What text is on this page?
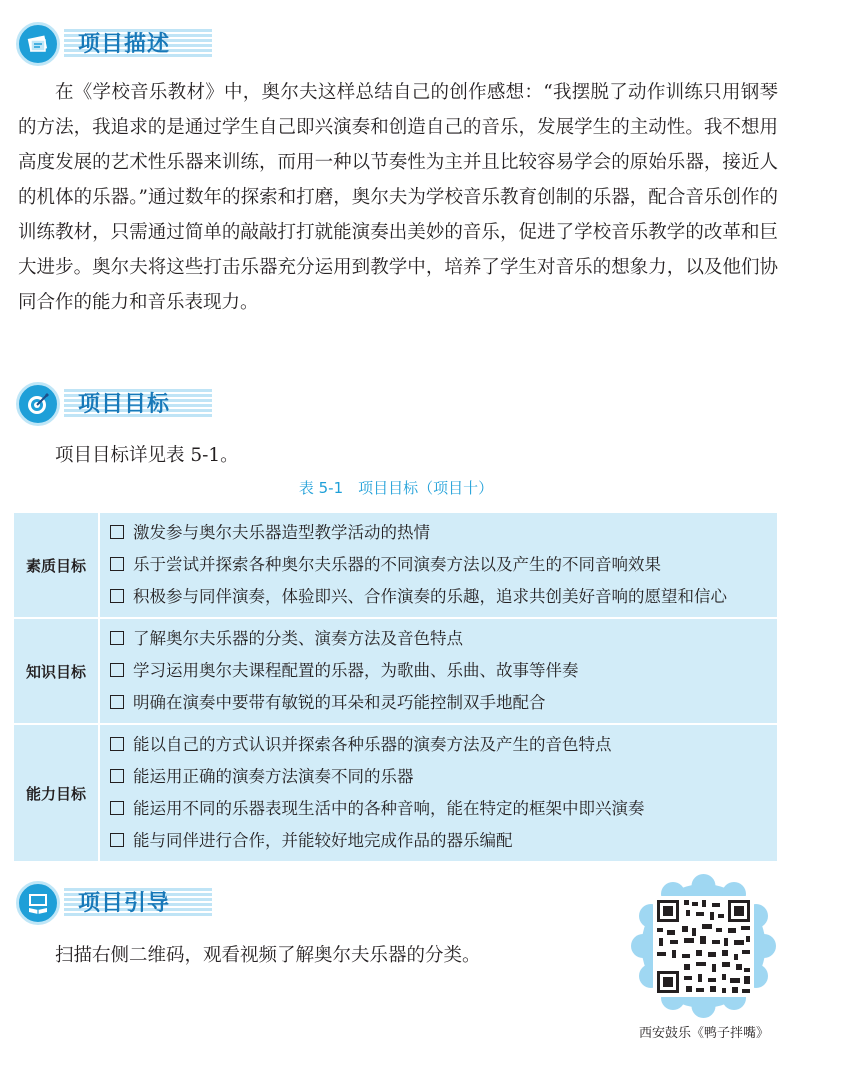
项目描述

在《学校音乐教材》中，奥尔夫这样总结自己的创作感想：“我摆脱了动作训练只用钢琴的方法，我追求的是通过学生自己即兴演奏和创造自己的音乐，发展学生的主动性。我不想用高度发展的艺术性乐器来训练，而用一种以节奏性为主并且比较容易学会的原始乐器，接近人的机体的乐器。”通过数年的探索和打磨，奥尔夫为学校音乐教育创制的乐器，配合音乐创作的训练教材，只需通过简单的敲敲打打就能演奏出美妙的音乐，促进了学校音乐教学的改革和巨大进步。奥尔夫将这些打击乐器充分运用到教学中，培养了学生对音乐的想象力，以及他们协同合作的能力和音乐表现力。

项目目标

项目目标详见表 5-1。

表 5-1　项目目标（项目十）
素质目标	激发参与奥尔夫乐器造型教学活动的热情
乐于尝试并探索各种奥尔夫乐器的不同演奏方法以及产生的不同音响效果
积极参与同伴演奏，体验即兴、合作演奏的乐趣，追求共创美好音响的愿望和信心

知识目标	了解奥尔夫乐器的分类、演奏方法及音色特点
学习运用奥尔夫课程配置的乐器，为歌曲、乐曲、故事等伴奏
明确在演奏中要带有敏锐的耳朵和灵巧能控制双手地配合

能力目标	能以自己的方式认识并探索各种乐器的演奏方法及产生的音色特点
能运用正确的演奏方法演奏不同的乐器
能运用不同的乐器表现生活中的各种音响，能在特定的框架中即兴演奏
能与同伴进行合作，并能较好地完成作品的器乐编配
项目引导

扫描右侧二维码，观看视频了解奥尔夫乐器的分类。

西安鼓乐《鸭子拌嘴》
